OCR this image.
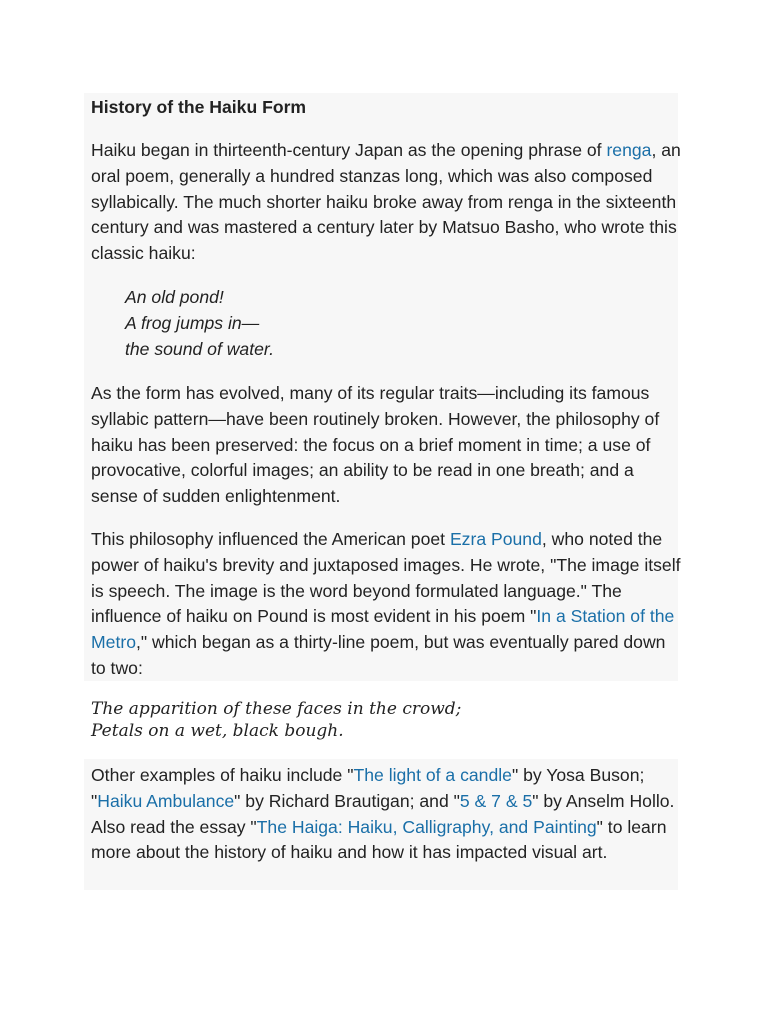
History of the Haiku Form
Haiku began in thirteenth-century Japan as the opening phrase of renga, an oral poem, generally a hundred stanzas long, which was also composed syllabically. The much shorter haiku broke away from renga in the sixteenth century and was mastered a century later by Matsuo Basho, who wrote this classic haiku:
An old pond!
A frog jumps in—
the sound of water.
As the form has evolved, many of its regular traits—including its famous syllabic pattern—have been routinely broken. However, the philosophy of haiku has been preserved: the focus on a brief moment in time; a use of provocative, colorful images; an ability to be read in one breath; and a sense of sudden enlightenment.
This philosophy influenced the American poet Ezra Pound, who noted the power of haiku's brevity and juxtaposed images. He wrote, "The image itself is speech. The image is the word beyond formulated language." The influence of haiku on Pound is most evident in his poem "In a Station of the Metro," which began as a thirty-line poem, but was eventually pared down to two:
The apparition of these faces in the crowd;
Petals on a wet, black bough.
Other examples of haiku include "The light of a candle" by Yosa Buson; "Haiku Ambulance" by Richard Brautigan; and "5 & 7 & 5" by Anselm Hollo. Also read the essay "The Haiga: Haiku, Calligraphy, and Painting" to learn more about the history of haiku and how it has impacted visual art.
